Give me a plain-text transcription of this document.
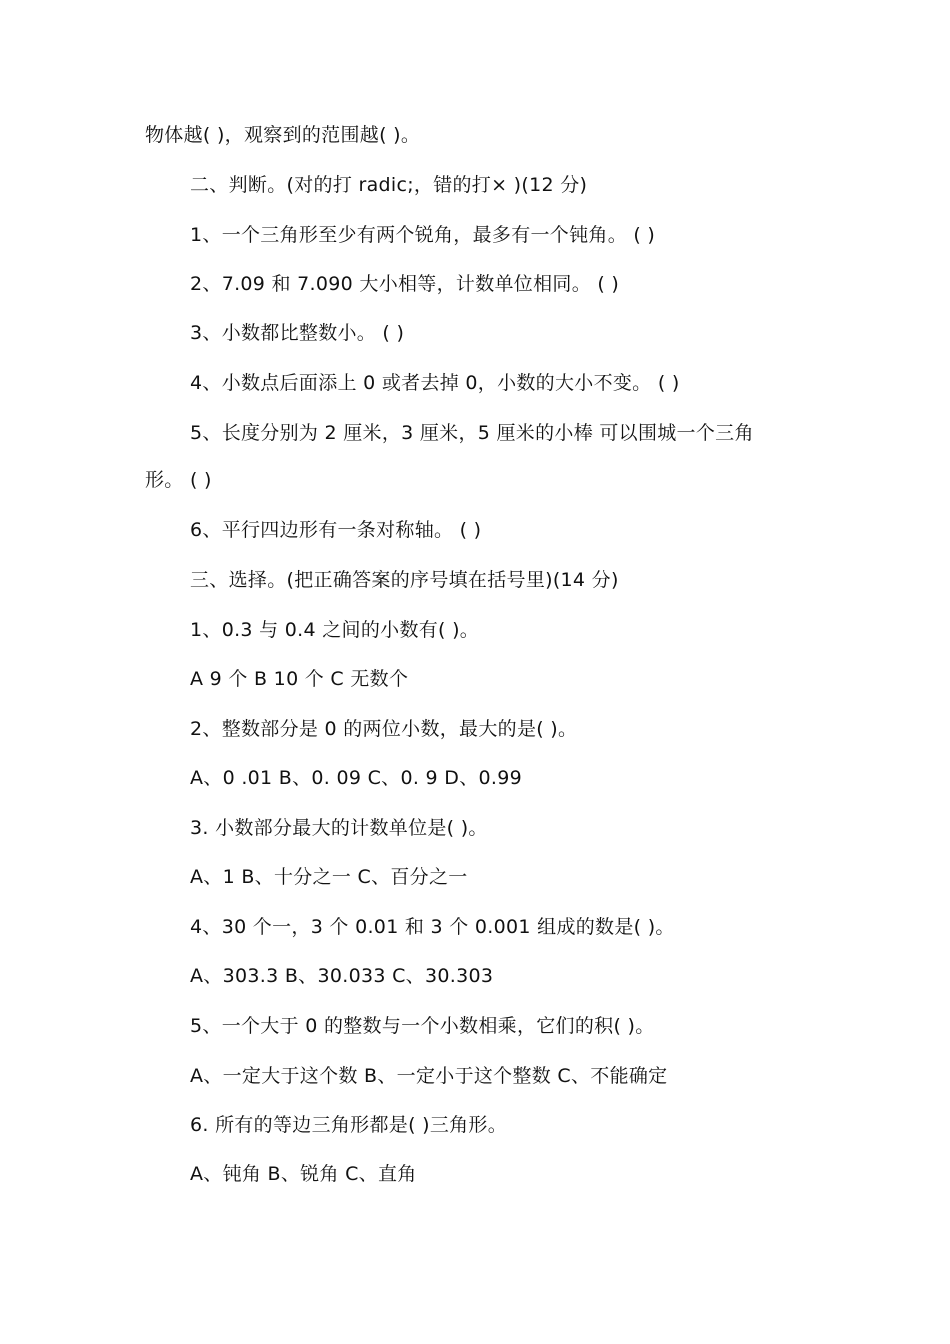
物体越( )，观察到的范围越( )。
二、判断。(对的打 radic;，错的打× )(12 分)
1、一个三角形至少有两个锐角，最多有一个钝角。 ( )
2、7.09 和 7.090 大小相等，计数单位相同。 ( )
3、小数都比整数小。 ( )
4、小数点后面添上 0 或者去掉 0，小数的大小不变。 ( )
5、长度分别为 2 厘米，3 厘米，5 厘米的小棒 可以围城一个三角
形。 ( )
6、平行四边形有一条对称轴。 ( )
三、选择。(把正确答案的序号填在括号里)(14 分)
1、0.3 与 0.4 之间的小数有( )。
A 9 个 B 10 个 C 无数个
2、整数部分是 0 的两位小数，最大的是( )。
A、0 .01 B、0. 09 C、0. 9 D、0.99
3. 小数部分最大的计数单位是( )。
A、1 B、十分之一 C、百分之一
4、30 个一，3 个 0.01 和 3 个 0.001 组成的数是( )。
A、303.3 B、30.033 C、30.303
5、一个大于 0 的整数与一个小数相乘，它们的积( )。
A、一定大于这个数 B、一定小于这个整数 C、不能确定
6. 所有的等边三角形都是( )三角形。
A、钝角 B、锐角 C、直角
